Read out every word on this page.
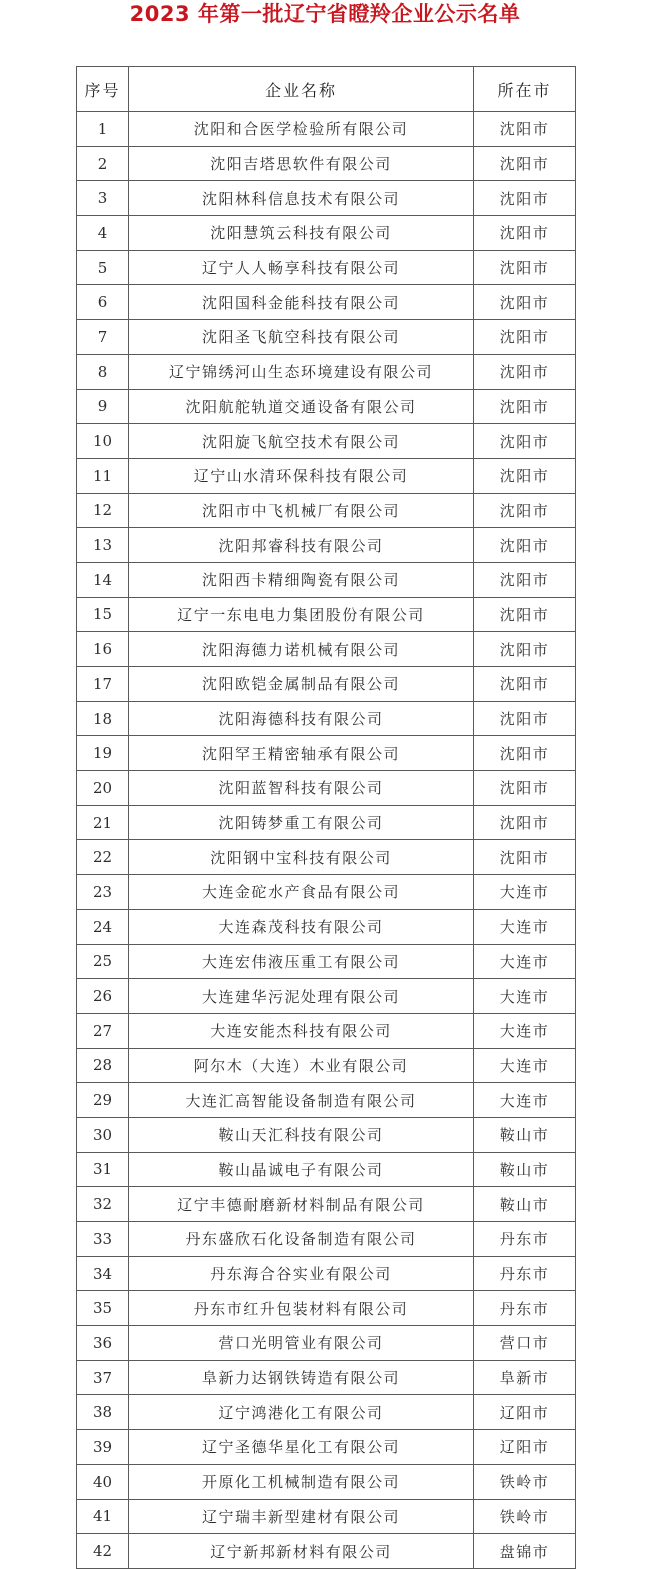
2023 年第一批辽宁省瞪羚企业公示名单
序号	企业名称	所在市
1	沈阳和合医学检验所有限公司	沈阳市
2	沈阳吉塔思软件有限公司	沈阳市
3	沈阳林科信息技术有限公司	沈阳市
4	沈阳慧筑云科技有限公司	沈阳市
5	辽宁人人畅享科技有限公司	沈阳市
6	沈阳国科金能科技有限公司	沈阳市
7	沈阳圣飞航空科技有限公司	沈阳市
8	辽宁锦绣河山生态环境建设有限公司	沈阳市
9	沈阳航舵轨道交通设备有限公司	沈阳市
10	沈阳旋飞航空技术有限公司	沈阳市
11	辽宁山水清环保科技有限公司	沈阳市
12	沈阳市中飞机械厂有限公司	沈阳市
13	沈阳邦睿科技有限公司	沈阳市
14	沈阳西卡精细陶瓷有限公司	沈阳市
15	辽宁一东电电力集团股份有限公司	沈阳市
16	沈阳海德力诺机械有限公司	沈阳市
17	沈阳欧铠金属制品有限公司	沈阳市
18	沈阳海德科技有限公司	沈阳市
19	沈阳罕王精密轴承有限公司	沈阳市
20	沈阳蓝智科技有限公司	沈阳市
21	沈阳铸梦重工有限公司	沈阳市
22	沈阳钢中宝科技有限公司	沈阳市
23	大连金砣水产食品有限公司	大连市
24	大连森茂科技有限公司	大连市
25	大连宏伟液压重工有限公司	大连市
26	大连建华污泥处理有限公司	大连市
27	大连安能杰科技有限公司	大连市
28	阿尔木（大连）木业有限公司	大连市
29	大连汇高智能设备制造有限公司	大连市
30	鞍山天汇科技有限公司	鞍山市
31	鞍山晶诚电子有限公司	鞍山市
32	辽宁丰德耐磨新材料制品有限公司	鞍山市
33	丹东盛欣石化设备制造有限公司	丹东市
34	丹东海合谷实业有限公司	丹东市
35	丹东市红升包装材料有限公司	丹东市
36	营口光明管业有限公司	营口市
37	阜新力达钢铁铸造有限公司	阜新市
38	辽宁鸿港化工有限公司	辽阳市
39	辽宁圣德华星化工有限公司	辽阳市
40	开原化工机械制造有限公司	铁岭市
41	辽宁瑞丰新型建材有限公司	铁岭市
42	辽宁新邦新材料有限公司	盘锦市
